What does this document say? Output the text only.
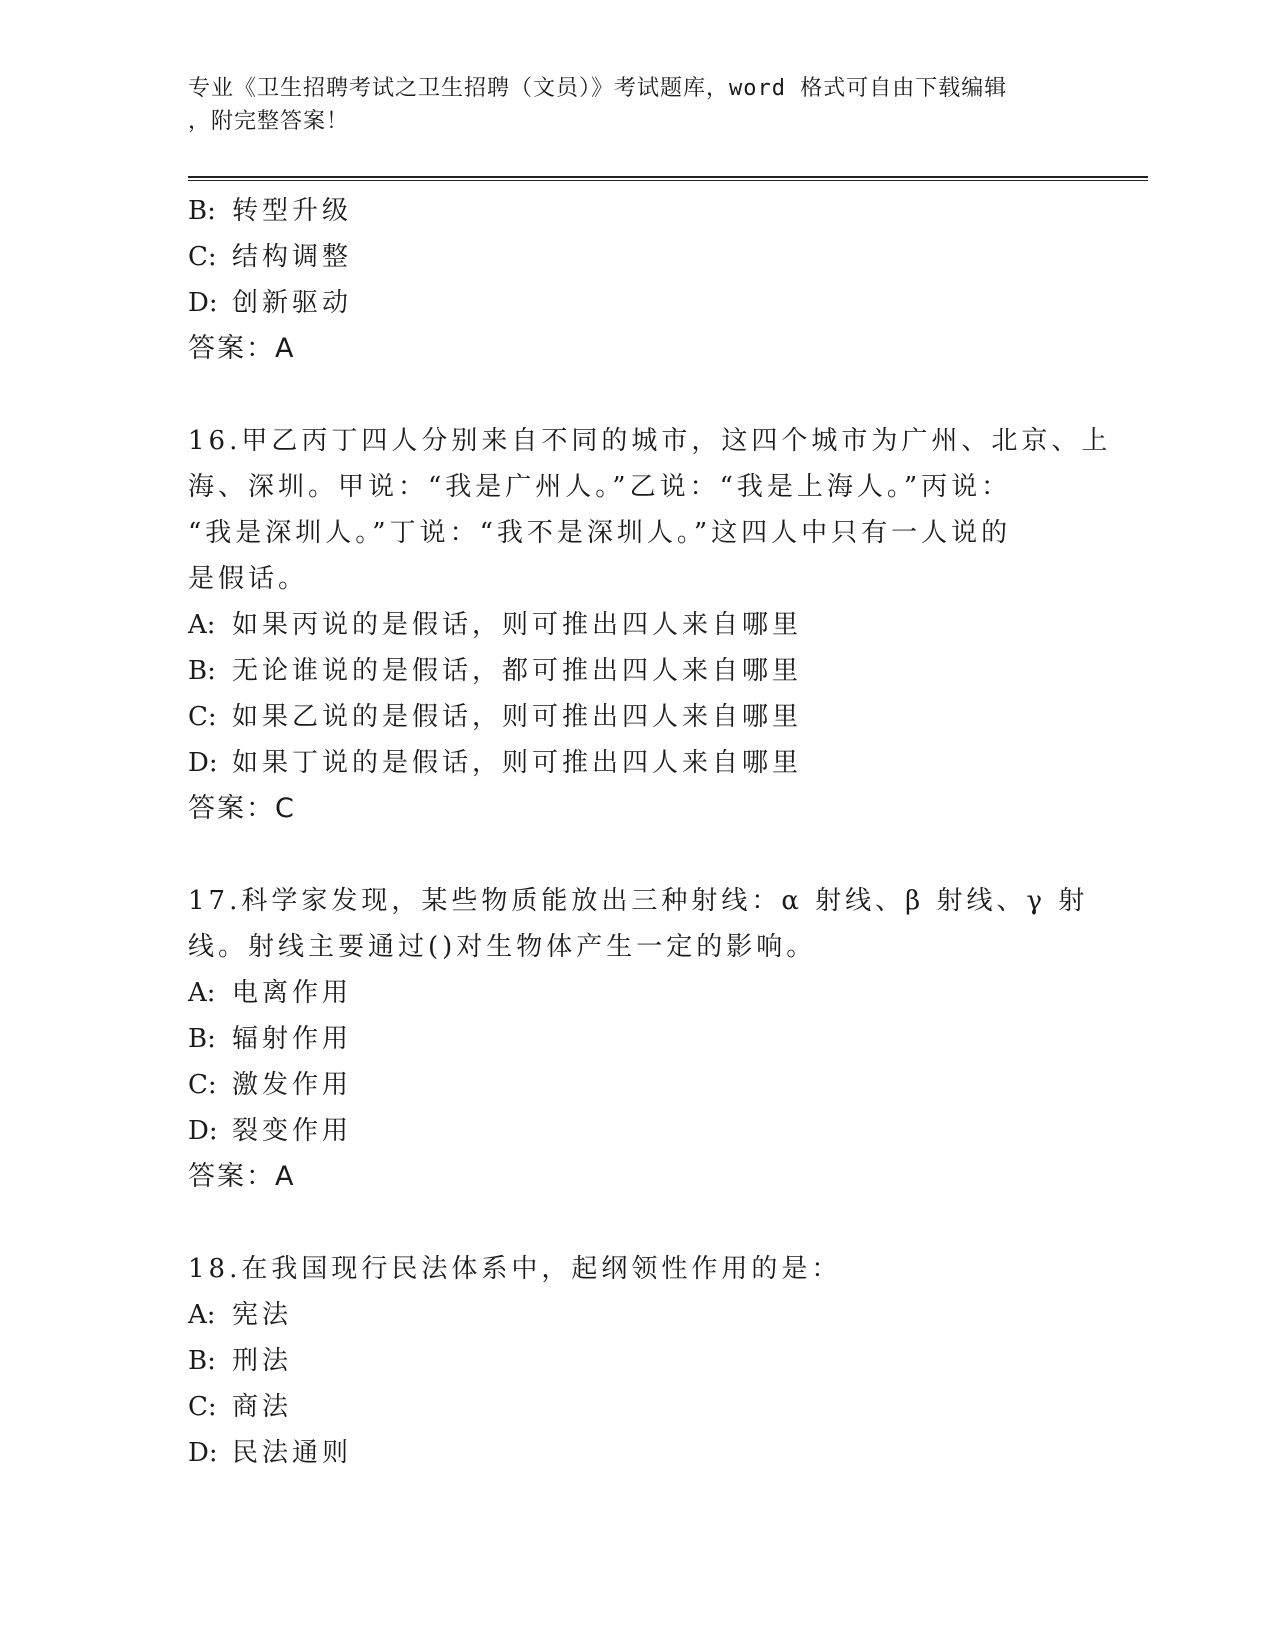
专业《卫生招聘考试之卫生招聘（文员）》考试题库，word 格式可自由下载编辑
，附完整答案！
B: 转型升级
C: 结构调整
D: 创新驱动
答案：A
16.甲乙丙丁四人分别来自不同的城市，这四个城市为广州、北京、上
海、深圳。甲说：“我是广州人。”乙说：“我是上海人。”丙说：
“我是深圳人。”丁说：“我不是深圳人。”这四人中只有一人说的
是假话。
A: 如果丙说的是假话，则可推出四人来自哪里
B: 无论谁说的是假话，都可推出四人来自哪里
C: 如果乙说的是假话，则可推出四人来自哪里
D: 如果丁说的是假话，则可推出四人来自哪里
答案：C
17.科学家发现，某些物质能放出三种射线：α 射线、β 射线、γ 射
线。射线主要通过()对生物体产生一定的影响。
A: 电离作用
B: 辐射作用
C: 激发作用
D: 裂变作用
答案：A
18.在我国现行民法体系中，起纲领性作用的是：
A: 宪法
B: 刑法
C: 商法
D: 民法通则
